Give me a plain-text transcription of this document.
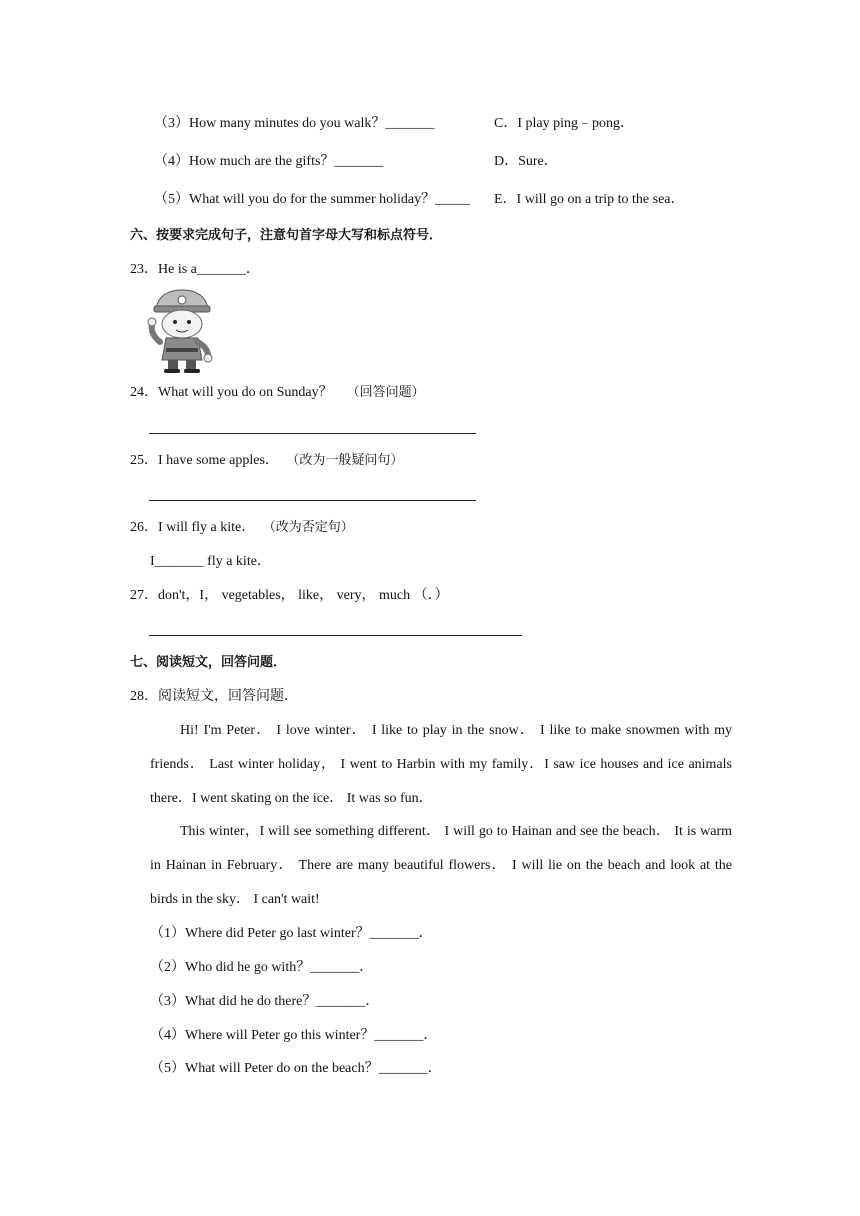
（3）How many minutes do you walk？_______	C．I play ping﹣pong．
（4）How much are the gifts？_______	D．Sure．
（5）What will you do for the summer holiday？_____ E．I will go on a trip to the sea．
六、按要求完成句子，注意句首字母大写和标点符号．
23．He is a_______．
24．What will you do on Sunday？ （回答问题）
25．I have some apples． （改为一般疑问句）
26．I will fly a kite． （改为否定句）
I_______ fly a kite．
27．don't，I， vegetables， like， very， much （．）
七、阅读短文，回答问题．
28．阅读短文，回答问题．
Hi! I'm Peter． I love winter． I like to play in the snow． I like to make snowmen with my friends． Last winter holiday， I went to Harbin with my family．I saw ice houses and ice animals there．I went skating on the ice． It was so fun．
This winter，I will see something different． I will go to Hainan and see the beach． It is warm in Hainan in February． There are many beautiful flowers． I will lie on the beach and look at the birds in the sky． I can't wait!
（1）Where did Peter go last winter？_______．
（2）Who did he go with？_______．
（3）What did he do there？_______．
（4）Where will Peter go this winter？_______．
（5）What will Peter do on the beach？_______．
